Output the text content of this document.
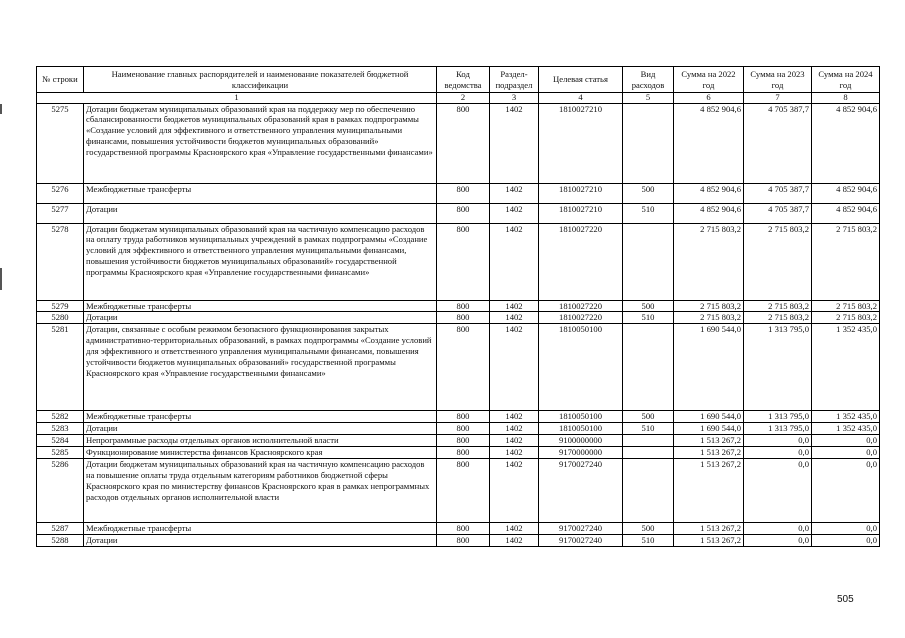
№ строки	Наименование главных распорядителей и наименование показателей бюджетной классификации	Код ведомства	Раздел-подраздел	Целевая статья	Вид расходов	Сумма на 2022 год	Сумма на 2023 год	Сумма на 2024 год
1		2	3	4	5	6	7	8
5275	Дотации бюджетам муниципальных образований края на поддержку мер по обеспечению сбалансированности бюджетов муниципальных образований края в рамках подпрограммы «Создание условий для эффективного и ответственного управления муниципальными финансами, повышения устойчивости бюджетов муниципальных образований» государственной программы Красноярского края «Управление государственными финансами»	800	1402	1810027210		4 852 904,6	4 705 387,7	4 852 904,6
5276	Межбюджетные трансферты	800	1402	1810027210	500	4 852 904,6	4 705 387,7	4 852 904,6
5277	Дотации	800	1402	1810027210	510	4 852 904,6	4 705 387,7	4 852 904,6
5278	Дотации бюджетам муниципальных образований края на частичную компенсацию расходов на оплату труда работников муниципальных учреждений в рамках подпрограммы «Создание условий для эффективного и ответственного управления муниципальными финансами, повышения устойчивости бюджетов муниципальных образований» государственной программы Красноярского края «Управление государственными финансами»	800	1402	1810027220		2 715 803,2	2 715 803,2	2 715 803,2
5279	Межбюджетные трансферты	800	1402	1810027220	500	2 715 803,2	2 715 803,2	2 715 803,2
5280	Дотации	800	1402	1810027220	510	2 715 803,2	2 715 803,2	2 715 803,2
5281	Дотации, связанные с особым режимом безопасного функционирования закрытых административно-территориальных образований, в рамках подпрограммы «Создание условий для эффективного и ответственного управления муниципальными финансами, повышения устойчивости бюджетов муниципальных образований» государственной программы Красноярского края «Управление государственными финансами»	800	1402	1810050100		1 690 544,0	1 313 795,0	1 352 435,0
5282	Межбюджетные трансферты	800	1402	1810050100	500	1 690 544,0	1 313 795,0	1 352 435,0
5283	Дотации	800	1402	1810050100	510	1 690 544,0	1 313 795,0	1 352 435,0
5284	Непрограммные расходы отдельных органов исполнительной власти	800	1402	9100000000		1 513 267,2	0,0	0,0
5285	Функционирование министерства финансов Красноярского края	800	1402	9170000000		1 513 267,2	0,0	0,0
5286	Дотации бюджетам муниципальных образований края на частичную компенсацию расходов на повышение оплаты труда отдельным категориям работников бюджетной сферы Красноярского края по министерству финансов Красноярского края в рамках непрограммных расходов отдельных органов исполнительной власти	800	1402	9170027240		1 513 267,2	0,0	0,0
5287	Межбюджетные трансферты	800	1402	9170027240	500	1 513 267,2	0,0	0,0
5288	Дотации	800	1402	9170027240	510	1 513 267,2	0,0	0,0
505
